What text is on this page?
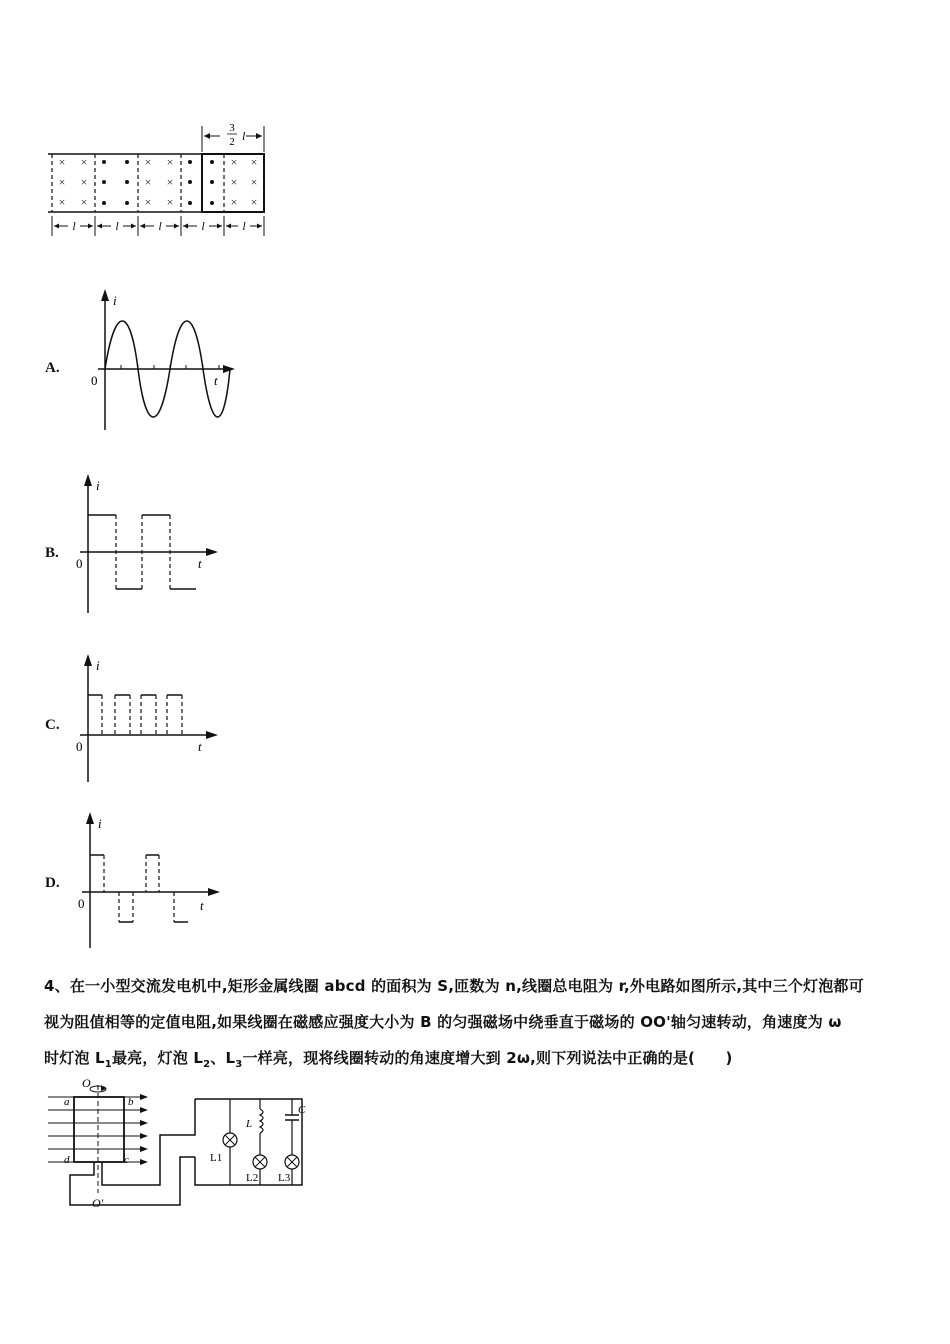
× ×
× ×
× ×
× ×
× ×
× ×
× ×
× ×
× ×
3
2 l
l	l	l	l	l
A.
i
0	t
B.
i
0	t
C.
i
0	t
D.
i
0	t
4、在一小型交流发电机中,矩形金属线圈 abcd 的面积为 S,匝数为 n,线圈总电阻为 r,外电路如图所示,其中三个灯泡都可
视为阻值相等的定值电阻,如果线圈在磁感应强度大小为 B 的匀强磁场中绕垂直于磁场的 OO'轴匀速转动，角速度为 ω
时灯泡 $L_1$最亮，灯泡 $L_2$、$L_3$一样亮，现将线圈转动的角速度增大到 2ω,则下列说法中正确的是(　　)
O
O'
a	b
c
d	L1
L
L2
C
L3
